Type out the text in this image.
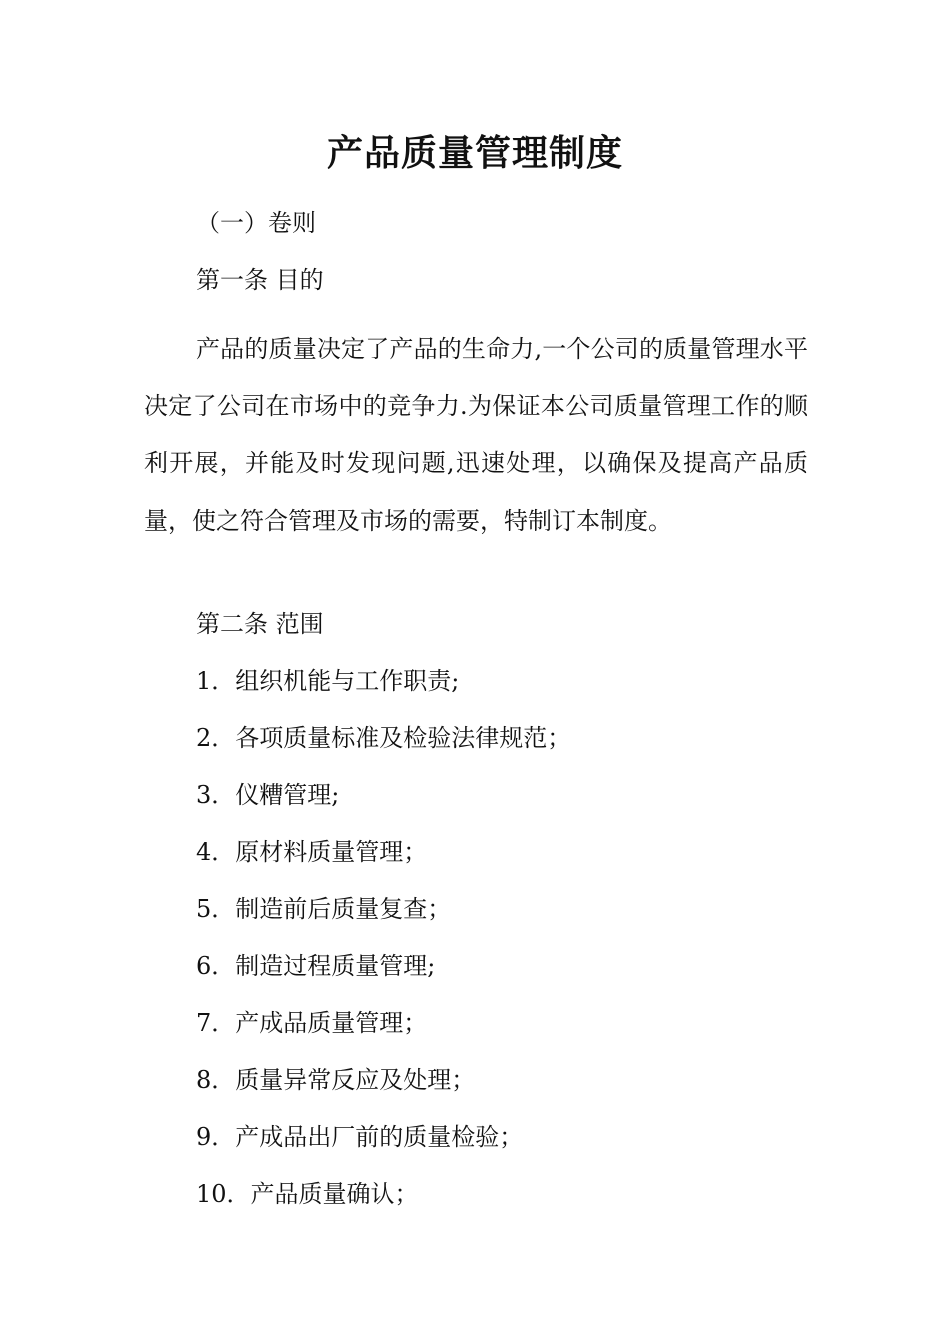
产品质量管理制度

（一）卷则

第一条 目的

产品的质量决定了产品的生命力,一个公司的质量管理水平决定了公司在市场中的竞争力.为保证本公司质量管理工作的顺利开展，并能及时发现问题,迅速处理，以确保及提高产品质量，使之符合管理及市场的需要，特制订本制度。

第二条 范围

1．组织机能与工作职责;

2．各项质量标准及检验法律规范；

3．仪糟管理;

4．原材料质量管理；

5．制造前后质量复查；

6．制造过程质量管理;

7．产成品质量管理；

8．质量异常反应及处理；

9．产成品出厂前的质量检验；

10．产品质量确认；
